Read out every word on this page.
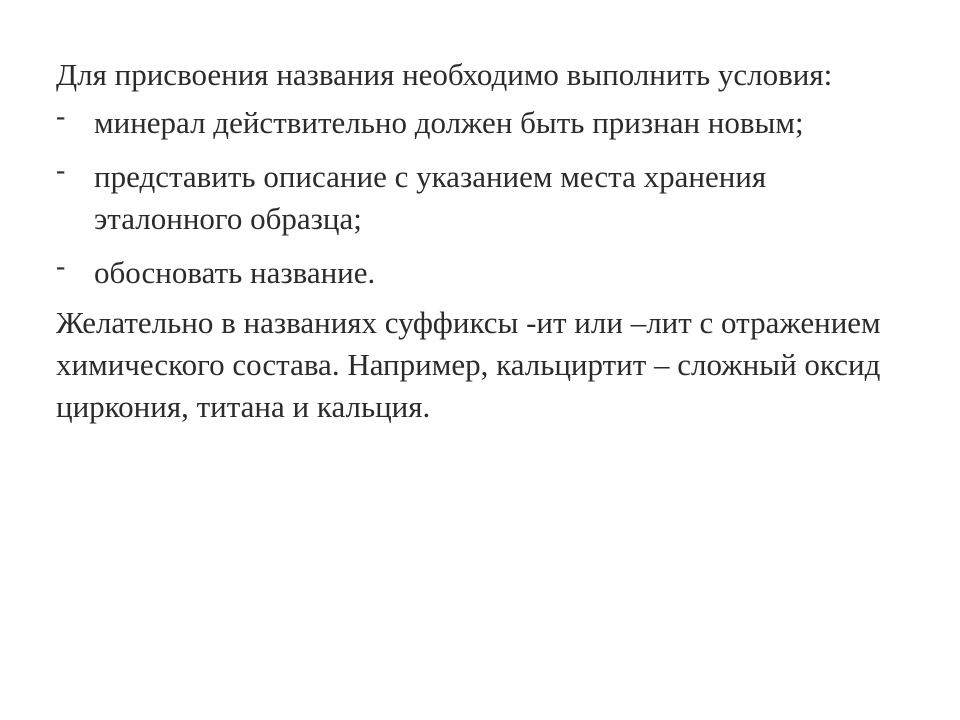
Для присвоения названия необходимо выполнить условия:

- минерал действительно должен быть признан новым;
- представить описание с указанием места хранения эталонного образца;
- обосновать название.

Желательно в названиях суффиксы -ит или –лит с отражением химического состава. Например, кальциртит – сложный оксид циркония, титана и кальция.
